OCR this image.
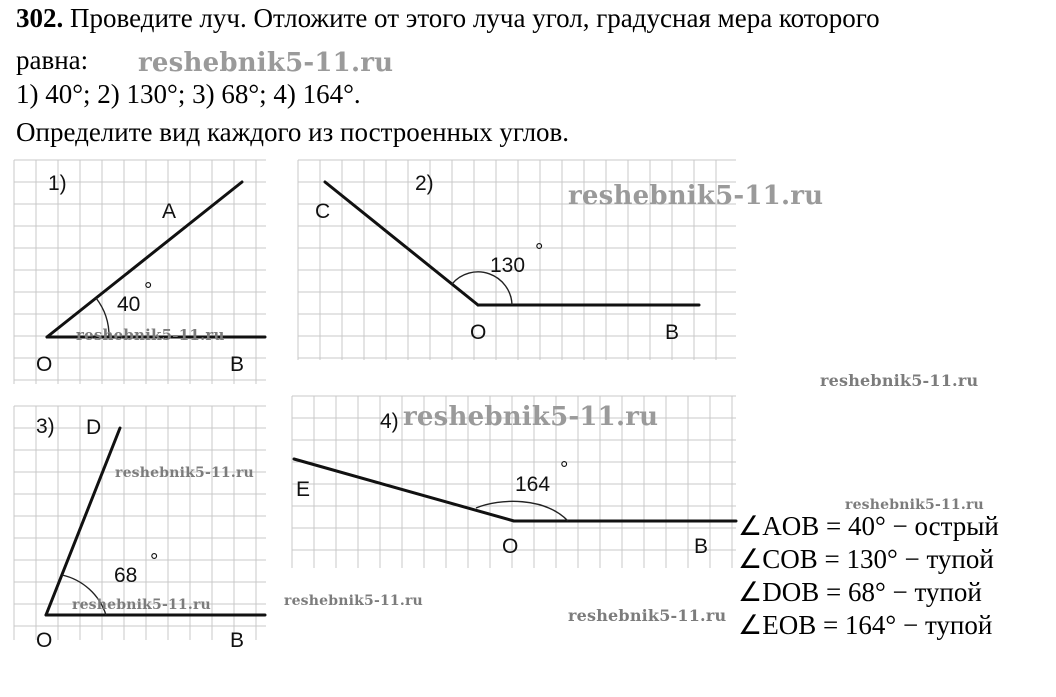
302. Проведите луч. Отложите от этого луча угол, градусная мера которого

равна:

1) 40°; 2) 130°; 3) 68°; 4) 164°.

Определите вид каждого из построенных углов.

1)
A
40
°
O	B
2)
C
130
°
O	B
3) D
68
°
O	B
4)
E	164
°
O	B
∠AOB = 40° − острый
∠COB = 130° − тупой
∠DOB = 68° − тупой
∠EOB = 164° − тупой
reshebnik5-11.ru
reshebnik5-11.ru
reshebnik5-11.ru
reshebnik5-11.ru
reshebnik5-11.ru
reshebnik5-11.ru
reshebnik5-11.ru
reshebnik5-11.ru	reshebnik5-11.ru
reshebnik5-11.ru
